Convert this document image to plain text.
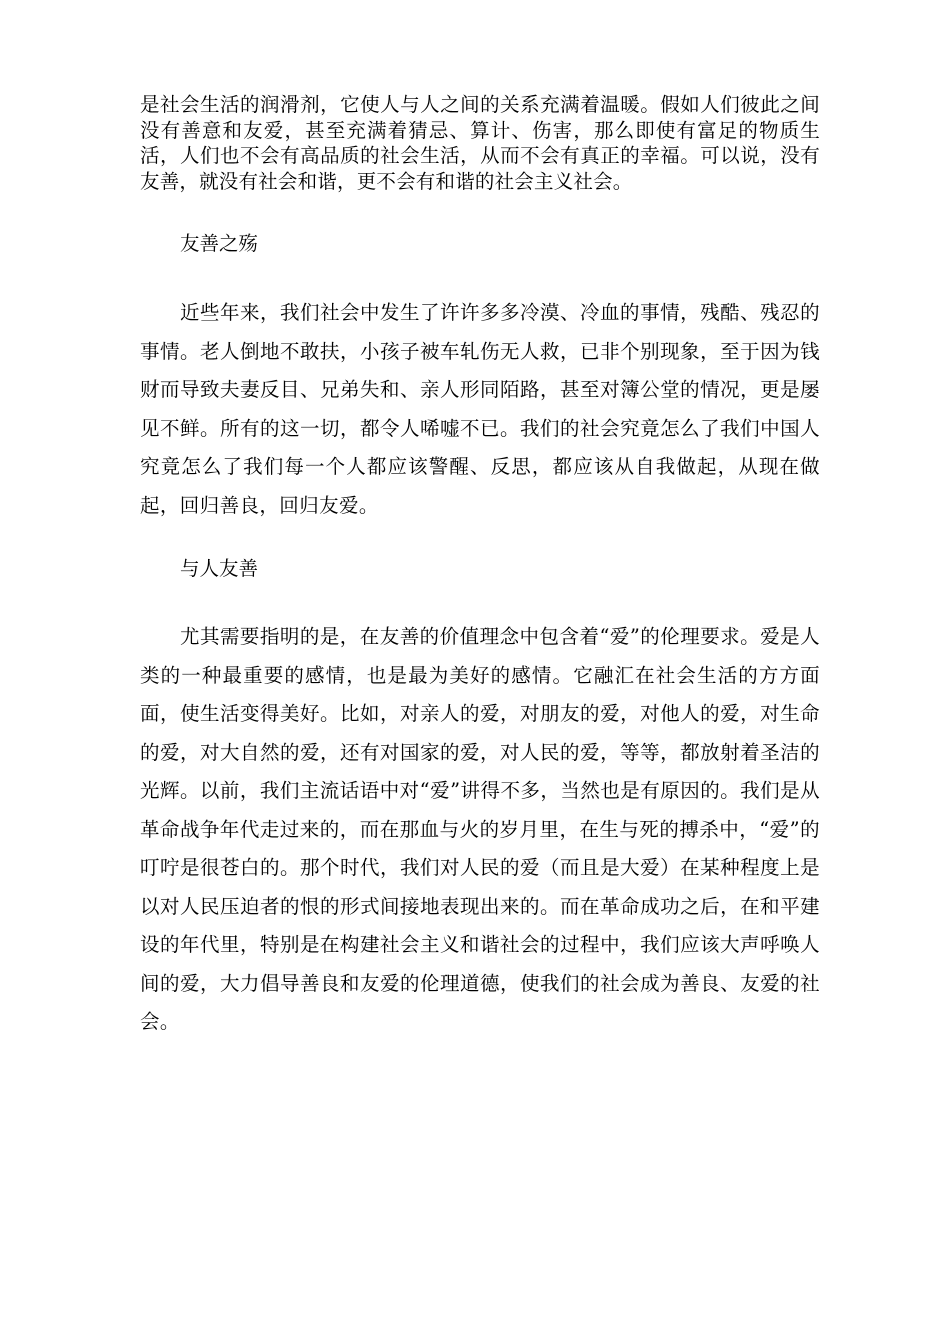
是社会生活的润滑剂，它使人与人之间的关系充满着温暖。假如人们彼此之间没有善意和友爱，甚至充满着猜忌、算计、伤害，那么即使有富足的物质生活，人们也不会有高品质的社会生活，从而不会有真正的幸福。可以说，没有友善，就没有社会和谐，更不会有和谐的社会主义社会。

友善之殇

近些年来，我们社会中发生了许许多多冷漠、冷血的事情，残酷、残忍的事情。老人倒地不敢扶，小孩子被车轧伤无人救，已非个别现象，至于因为钱财而导致夫妻反目、兄弟失和、亲人形同陌路，甚至对簿公堂的情况，更是屡见不鲜。所有的这一切，都令人唏嘘不已。我们的社会究竟怎么了我们中国人究竟怎么了我们每一个人都应该警醒、反思，都应该从自我做起，从现在做起，回归善良，回归友爱。

与人友善

尤其需要指明的是，在友善的价值理念中包含着“爱”的伦理要求。爱是人类的一种最重要的感情，也是最为美好的感情。它融汇在社会生活的方方面面，使生活变得美好。比如，对亲人的爱，对朋友的爱，对他人的爱，对生命的爱，对大自然的爱，还有对国家的爱，对人民的爱，等等，都放射着圣洁的光辉。以前，我们主流话语中对“爱”讲得不多，当然也是有原因的。我们是从革命战争年代走过来的，而在那血与火的岁月里，在生与死的搏杀中，“爱”的叮咛是很苍白的。那个时代，我们对人民的爱（而且是大爱）在某种程度上是以对人民压迫者的恨的形式间接地表现出来的。而在革命成功之后，在和平建设的年代里，特别是在构建社会主义和谐社会的过程中，我们应该大声呼唤人间的爱，大力倡导善良和友爱的伦理道德，使我们的社会成为善良、友爱的社会。
